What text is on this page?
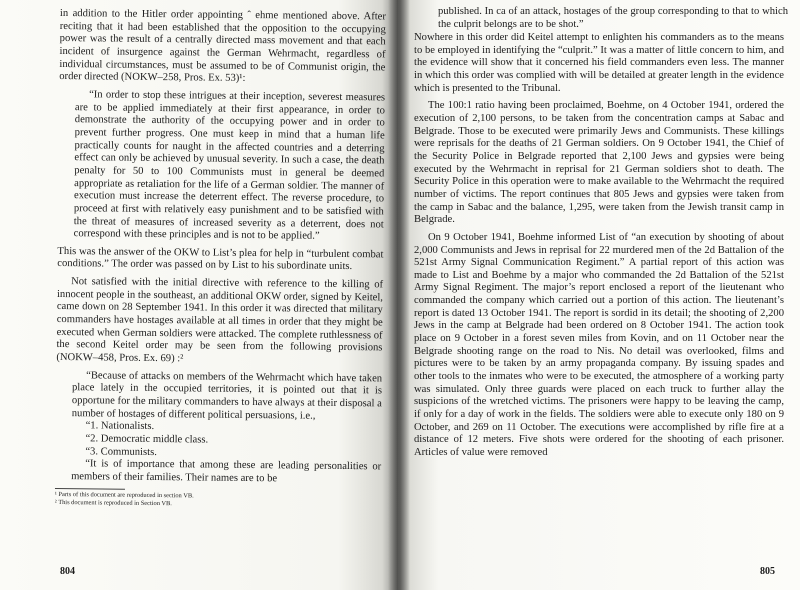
in addition to the Hitler order appointing ˆ ehme mentioned above. After reciting that it had been established that the opposition to the occupying power was the result of a centrally directed mass movement and that each incident of insurgence against the German Wehrmacht, regardless of individual circumstances, must be assumed to be of Communist origin, the order directed (NOKW–258, Pros. Ex. 53)¹:

“In order to stop these intrigues at their inception, severest measures are to be applied immediately at their first appearance, in order to demonstrate the authority of the occupying power and in order to prevent further progress. One must keep in mind that a human life practically counts for naught in the affected countries and a deterring effect can only be achieved by unusual severity. In such a case, the death penalty for 50 to 100 Communists must in general be deemed appropriate as retaliation for the life of a German soldier. The manner of execution must increase the deterrent effect. The reverse procedure, to proceed at first with relatively easy punishment and to be satisfied with the threat of measures of increased severity as a deterrent, does not correspond with these principles and is not to be applied.”

This was the answer of the OKW to List’s plea for help in “turbulent combat conditions.” The order was passed on by List to his subordinate units.

Not satisfied with the initial directive with reference to the killing of innocent people in the southeast, an additional OKW order, signed by Keitel, came down on 28 September 1941. In this order it was directed that military commanders have hostages available at all times in order that they might be executed when German soldiers were attacked. The complete ruthlessness of the second Keitel order may be seen from the following provisions (NOKW–458, Pros. Ex. 69) :²

“Because of attacks on members of the Wehrmacht which have taken place lately in the occupied territories, it is pointed out that it is opportune for the military commanders to have always at their disposal a number of hostages of different political persuasions, i.e.,

“1. Nationalists.
“2. Democratic middle class.
“3. Communists.

“It is of importance that among these are leading personalities or members of their families. Their names are to be

¹ Parts of this document are reproduced in section VB.
² This document is reproduced in Section VB.
804
published. In ca of an attack, hostages of the group corresponding to that to which the culprit belongs are to be shot.”

Nowhere in this order did Keitel attempt to enlighten his commanders as to the means to be employed in identifying the “culprit.” It was a matter of little concern to him, and the evidence will show that it concerned his field commanders even less. The manner in which this order was complied with will be detailed at greater length in the evidence which is presented to the Tribunal.

The 100:1 ratio having been proclaimed, Boehme, on 4 October 1941, ordered the execution of 2,100 persons, to be taken from the concentration camps at Sabac and Belgrade. Those to be executed were primarily Jews and Communists. These killings were reprisals for the deaths of 21 German soldiers. On 9 October 1941, the Chief of the Security Police in Belgrade reported that 2,100 Jews and gypsies were being executed by the Wehrmacht in reprisal for 21 German soldiers shot to death. The Security Police in this operation were to make available to the Wehrmacht the required number of victims. The report continues that 805 Jews and gypsies were taken from the camp in Sabac and the balance, 1,295, were taken from the Jewish transit camp in Belgrade.

On 9 October 1941, Boehme informed List of “an execution by shooting of about 2,000 Communists and Jews in reprisal for 22 murdered men of the 2d Battalion of the 521st Army Signal Communication Regiment.” A partial report of this action was made to List and Boehme by a major who commanded the 2d Battalion of the 521st Army Signal Regiment. The major’s report enclosed a report of the lieutenant who commanded the company which carried out a portion of this action. The lieutenant’s report is dated 13 October 1941. The report is sordid in its detail; the shooting of 2,200 Jews in the camp at Belgrade had been ordered on 8 October 1941. The action took place on 9 October in a forest seven miles from Kovin, and on 11 October near the Belgrade shooting range on the road to Nis. No detail was overlooked, films and pictures were to be taken by an army propaganda company. By issuing spades and other tools to the inmates who were to be executed, the atmosphere of a working party was simulated. Only three guards were placed on each truck to further allay the suspicions of the wretched victims. The prisoners were happy to be leaving the camp, if only for a day of work in the fields. The soldiers were able to execute only 180 on 9 October, and 269 on 11 October. The executions were accomplished by rifle fire at a distance of 12 meters. Five shots were ordered for the shooting of each prisoner. Articles of value were removed

805
